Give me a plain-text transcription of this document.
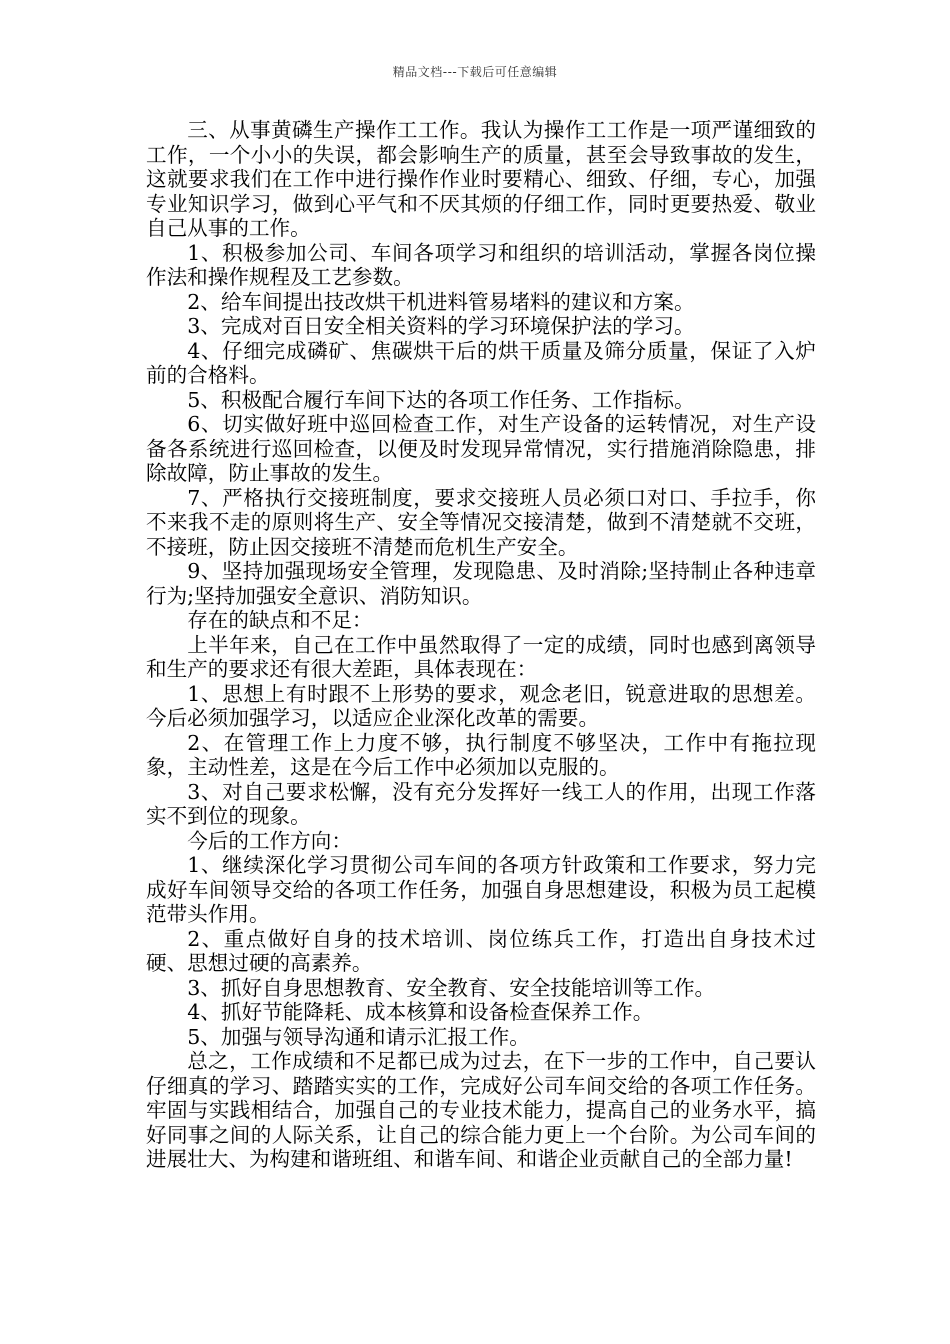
精品文档---下载后可任意编辑

三、从事黄磷生产操作工工作。我认为操作工工作是一项严谨细致的工作，一个小小的失误，都会影响生产的质量，甚至会导致事故的发生，这就要求我们在工作中进行操作作业时要精心、细致、仔细，专心，加强专业知识学习，做到心平气和不厌其烦的仔细工作，同时更要热爱、敬业自己从事的工作。

1、积极参加公司、车间各项学习和组织的培训活动，掌握各岗位操作法和操作规程及工艺参数。

2、给车间提出技改烘干机进料管易堵料的建议和方案。

3、完成对百日安全相关资料的学习环境保护法的学习。

4、仔细完成磷矿、焦碳烘干后的烘干质量及筛分质量，保证了入炉前的合格料。

5、积极配合履行车间下达的各项工作任务、工作指标。

6、切实做好班中巡回检查工作，对生产设备的运转情况，对生产设备各系统进行巡回检查，以便及时发现异常情况，实行措施消除隐患，排除故障，防止事故的发生。

7、严格执行交接班制度，要求交接班人员必须口对口、手拉手，你不来我不走的原则将生产、安全等情况交接清楚，做到不清楚就不交班，不接班，防止因交接班不清楚而危机生产安全。

9、坚持加强现场安全管理，发现隐患、及时消除;坚持制止各种违章行为;坚持加强安全意识、消防知识。

存在的缺点和不足：

上半年来，自己在工作中虽然取得了一定的成绩，同时也感到离领导和生产的要求还有很大差距，具体表现在：

1、思想上有时跟不上形势的要求，观念老旧，锐意进取的思想差。今后必须加强学习，以适应企业深化改革的需要。

2、在管理工作上力度不够，执行制度不够坚决，工作中有拖拉现象，主动性差，这是在今后工作中必须加以克服的。

3、对自己要求松懈，没有充分发挥好一线工人的作用，出现工作落实不到位的现象。

今后的工作方向：

1、继续深化学习贯彻公司车间的各项方针政策和工作要求，努力完成好车间领导交给的各项工作任务，加强自身思想建设，积极为员工起模范带头作用。

2、重点做好自身的技术培训、岗位练兵工作，打造出自身技术过硬、思想过硬的高素养。

3、抓好自身思想教育、安全教育、安全技能培训等工作。

4、抓好节能降耗、成本核算和设备检查保养工作。

5、加强与领导沟通和请示汇报工作。

总之，工作成绩和不足都已成为过去，在下一步的工作中，自己要认仔细真的学习、踏踏实实的工作，完成好公司车间交给的各项工作任务。牢固与实践相结合，加强自己的专业技术能力，提高自己的业务水平，搞好同事之间的人际关系，让自己的综合能力更上一个台阶。为公司车间的进展壮大、为构建和谐班组、和谐车间、和谐企业贡献自己的全部力量!
